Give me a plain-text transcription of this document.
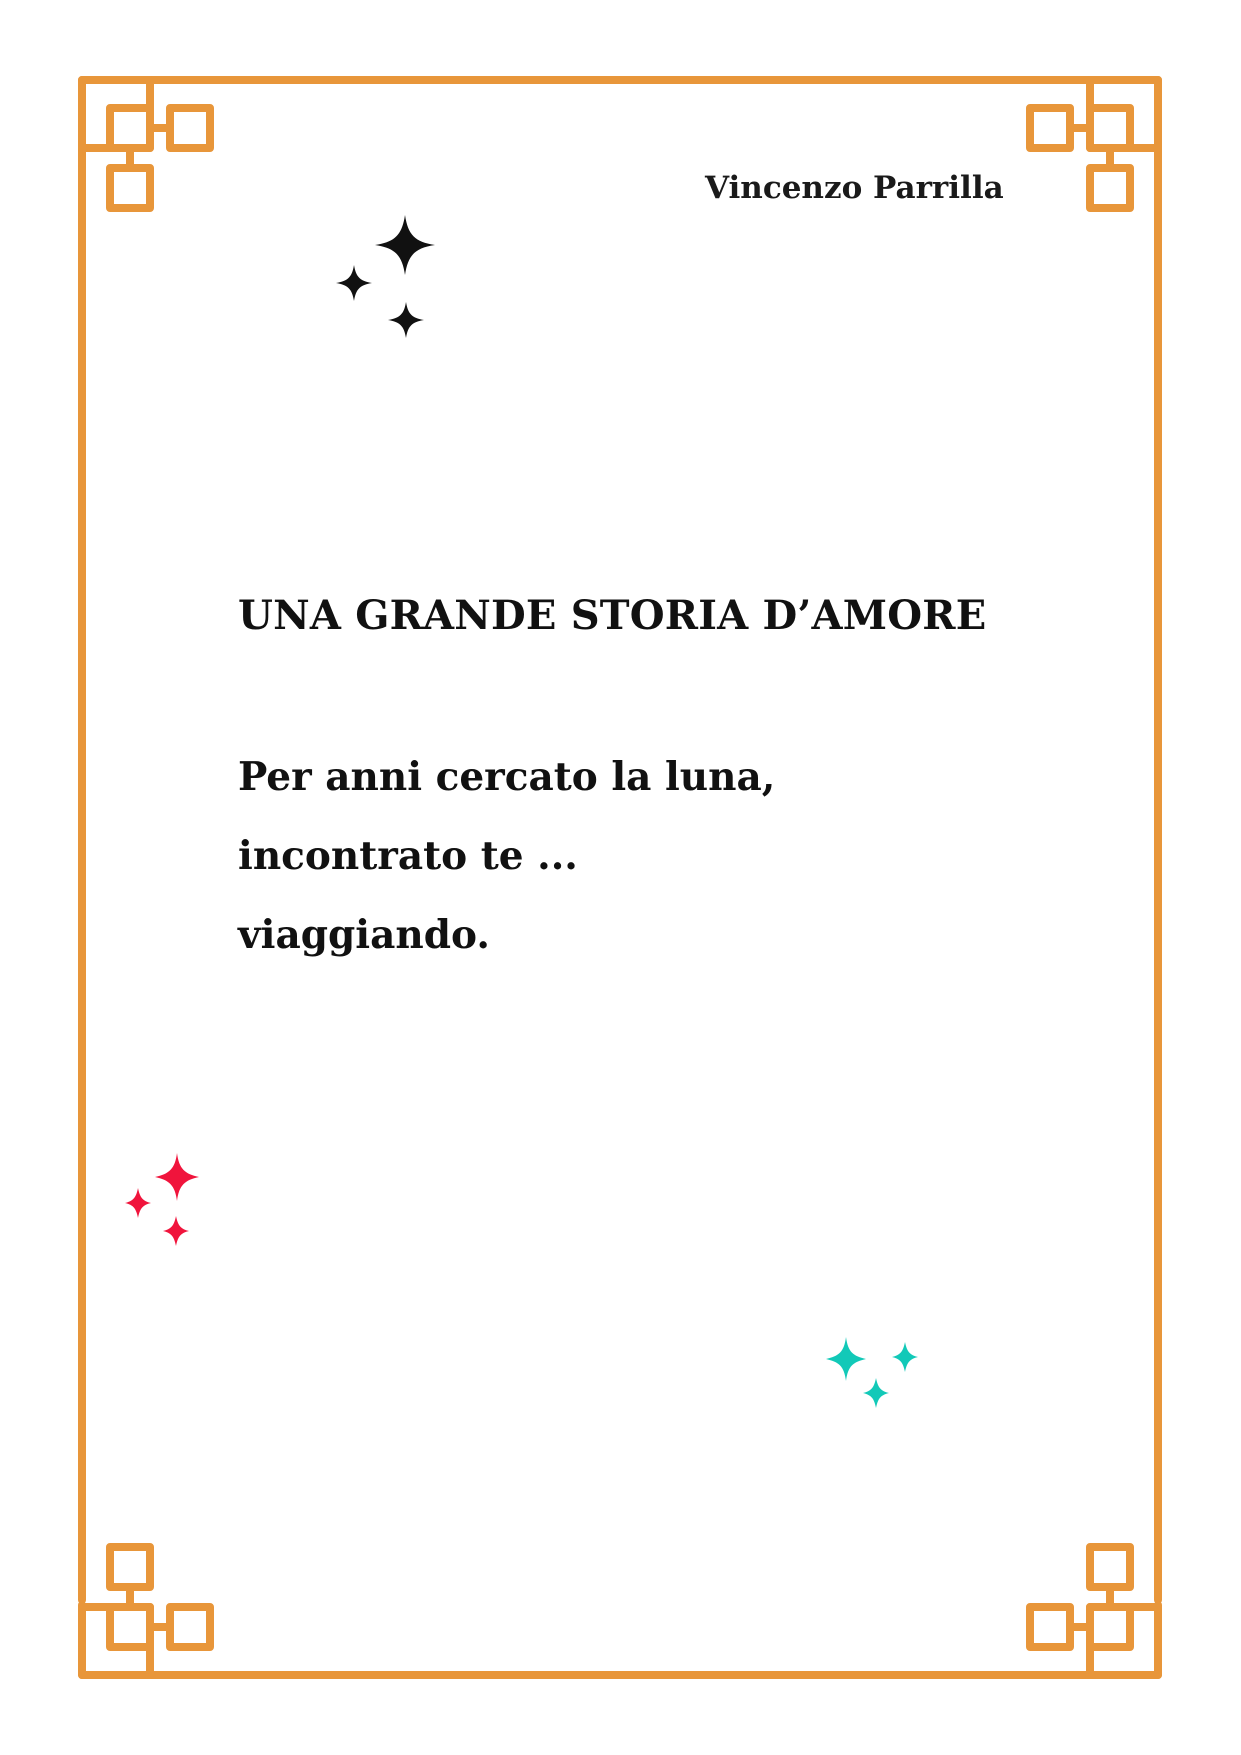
Vincenzo Parrilla
UNA GRANDE STORIA D’AMORE
Per anni cercato la luna,
incontrato te ...
viaggiando.
